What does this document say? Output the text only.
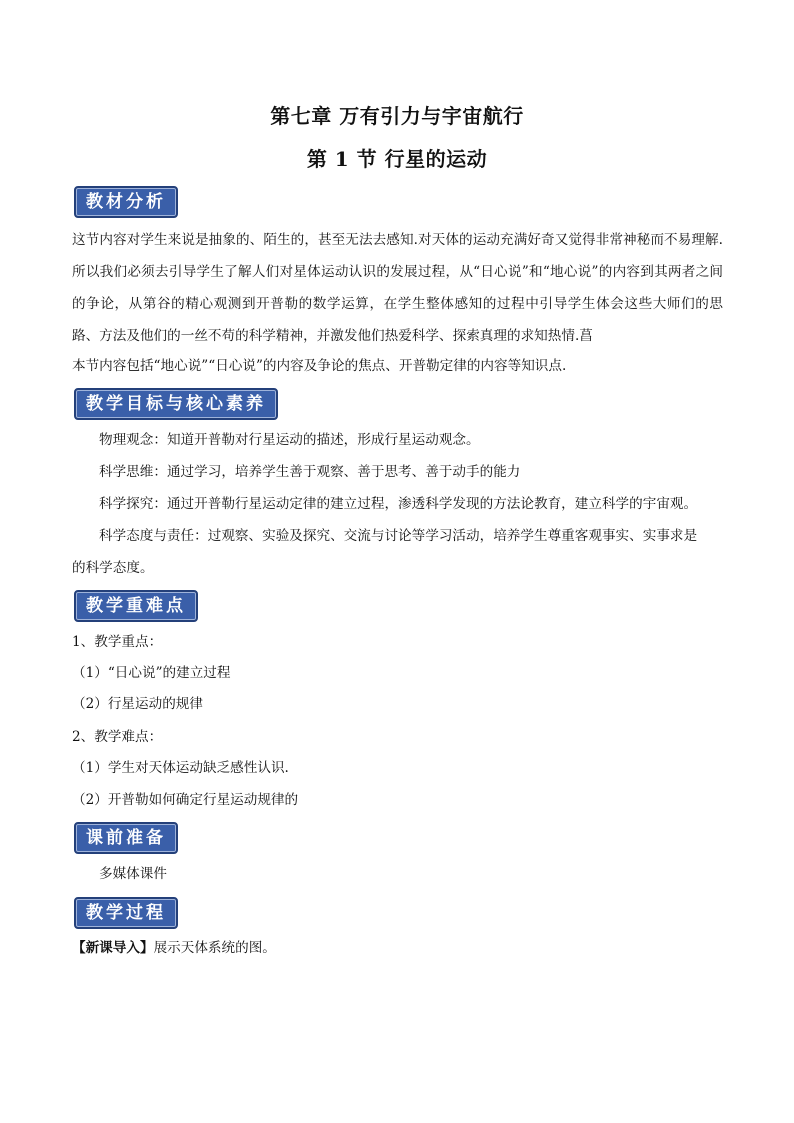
第七章 万有引力与宇宙航行
第 1 节 行星的运动
教材分析
这节内容对学生来说是抽象的、陌生的，甚至无法去感知.对天体的运动充满好奇又觉得非常神秘而不易理解.所以我们必须去引导学生了解人们对星体运动认识的发展过程，从“日心说”和“地心说”的内容到其两者之间的争论，从第谷的精心观测到开普勒的数学运算，在学生整体感知的过程中引导学生体会这些大师们的思路、方法及他们的一丝不苟的科学精神，并激发他们热爱科学、探索真理的求知热情.菖
本节内容包括“地心说”“日心说”的内容及争论的焦点、开普勒定律的内容等知识点.
教学目标与核心素养
物理观念：知道开普勒对行星运动的描述，形成行星运动观念。
科学思维：通过学习，培养学生善于观察、善于思考、善于动手的能力
科学探究：通过开普勒行星运动定律的建立过程，渗透科学发现的方法论教育，建立科学的宇宙观。
科学态度与责任：过观察、实验及探究、交流与讨论等学习活动，培养学生尊重客观事实、实事求是
的科学态度。
教学重难点
1、教学重点：
（1）“日心说”的建立过程
（2）行星运动的规律
2、教学难点：
（1）学生对天体运动缺乏感性认识.
（2）开普勒如何确定行星运动规律的
课前准备
多媒体课件
教学过程
【新课导入】展示天体系统的图。
